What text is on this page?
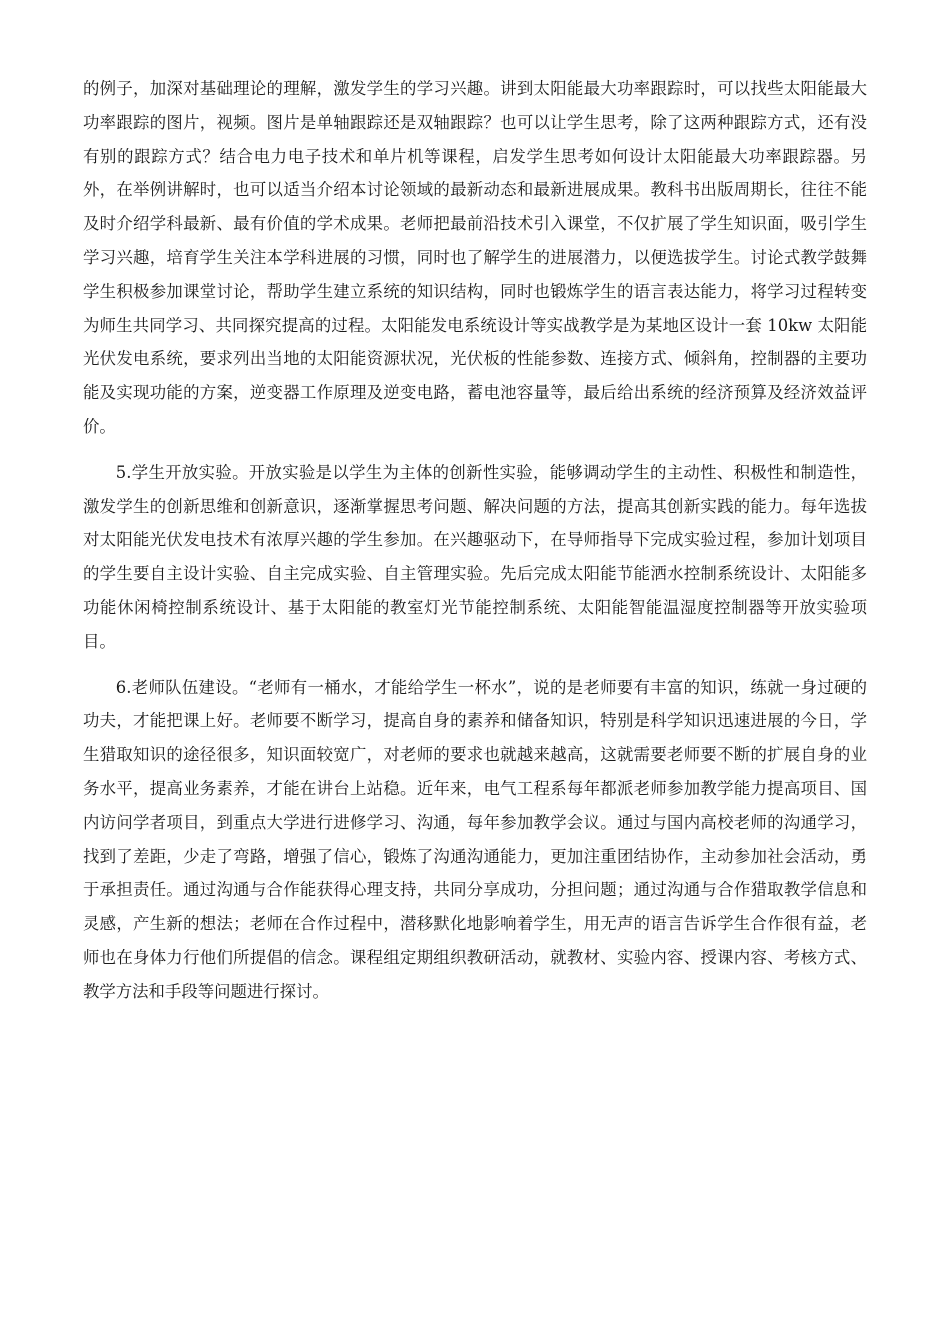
的例子，加深对基础理论的理解，激发学生的学习兴趣。讲到太阳能最大功率跟踪时，可以找些太阳能最大功率跟踪的图片，视频。图片是单轴跟踪还是双轴跟踪？也可以让学生思考，除了这两种跟踪方式，还有没有别的跟踪方式？结合电力电子技术和单片机等课程，启发学生思考如何设计太阳能最大功率跟踪器。另外，在举例讲解时，也可以适当介绍本讨论领域的最新动态和最新进展成果。教科书出版周期长，往往不能及时介绍学科最新、最有价值的学术成果。老师把最前沿技术引入课堂，不仅扩展了学生知识面，吸引学生学习兴趣，培育学生关注本学科进展的习惯，同时也了解学生的进展潜力，以便选拔学生。讨论式教学鼓舞学生积极参加课堂讨论，帮助学生建立系统的知识结构，同时也锻炼学生的语言表达能力，将学习过程转变为师生共同学习、共同探究提高的过程。太阳能发电系统设计等实战教学是为某地区设计一套 10kw 太阳能光伏发电系统，要求列出当地的太阳能资源状况，光伏板的性能参数、连接方式、倾斜角，控制器的主要功能及实现功能的方案，逆变器工作原理及逆变电路，蓄电池容量等，最后给出系统的经济预算及经济效益评价。

5.学生开放实验。开放实验是以学生为主体的创新性实验，能够调动学生的主动性、积极性和制造性，激发学生的创新思维和创新意识，逐渐掌握思考问题、解决问题的方法，提高其创新实践的能力。每年选拔对太阳能光伏发电技术有浓厚兴趣的学生参加。在兴趣驱动下，在导师指导下完成实验过程，参加计划项目的学生要自主设计实验、自主完成实验、自主管理实验。先后完成太阳能节能洒水控制系统设计、太阳能多功能休闲椅控制系统设计、基于太阳能的教室灯光节能控制系统、太阳能智能温湿度控制器等开放实验项目。

6.老师队伍建设。“老师有一桶水，才能给学生一杯水”，说的是老师要有丰富的知识，练就一身过硬的功夫，才能把课上好。老师要不断学习，提高自身的素养和储备知识，特别是科学知识迅速进展的今日，学生猎取知识的途径很多，知识面较宽广，对老师的要求也就越来越高，这就需要老师要不断的扩展自身的业务水平，提高业务素养，才能在讲台上站稳。近年来，电气工程系每年都派老师参加教学能力提高项目、国内访问学者项目，到重点大学进行进修学习、沟通，每年参加教学会议。通过与国内高校老师的沟通学习，找到了差距，少走了弯路，增强了信心，锻炼了沟通沟通能力，更加注重团结协作，主动参加社会活动，勇于承担责任。通过沟通与合作能获得心理支持，共同分享成功，分担问题；通过沟通与合作猎取教学信息和灵感，产生新的想法；老师在合作过程中，潜移默化地影响着学生，用无声的语言告诉学生合作很有益，老师也在身体力行他们所提倡的信念。课程组定期组织教研活动，就教材、实验内容、授课内容、考核方式、教学方法和手段等问题进行探讨。
